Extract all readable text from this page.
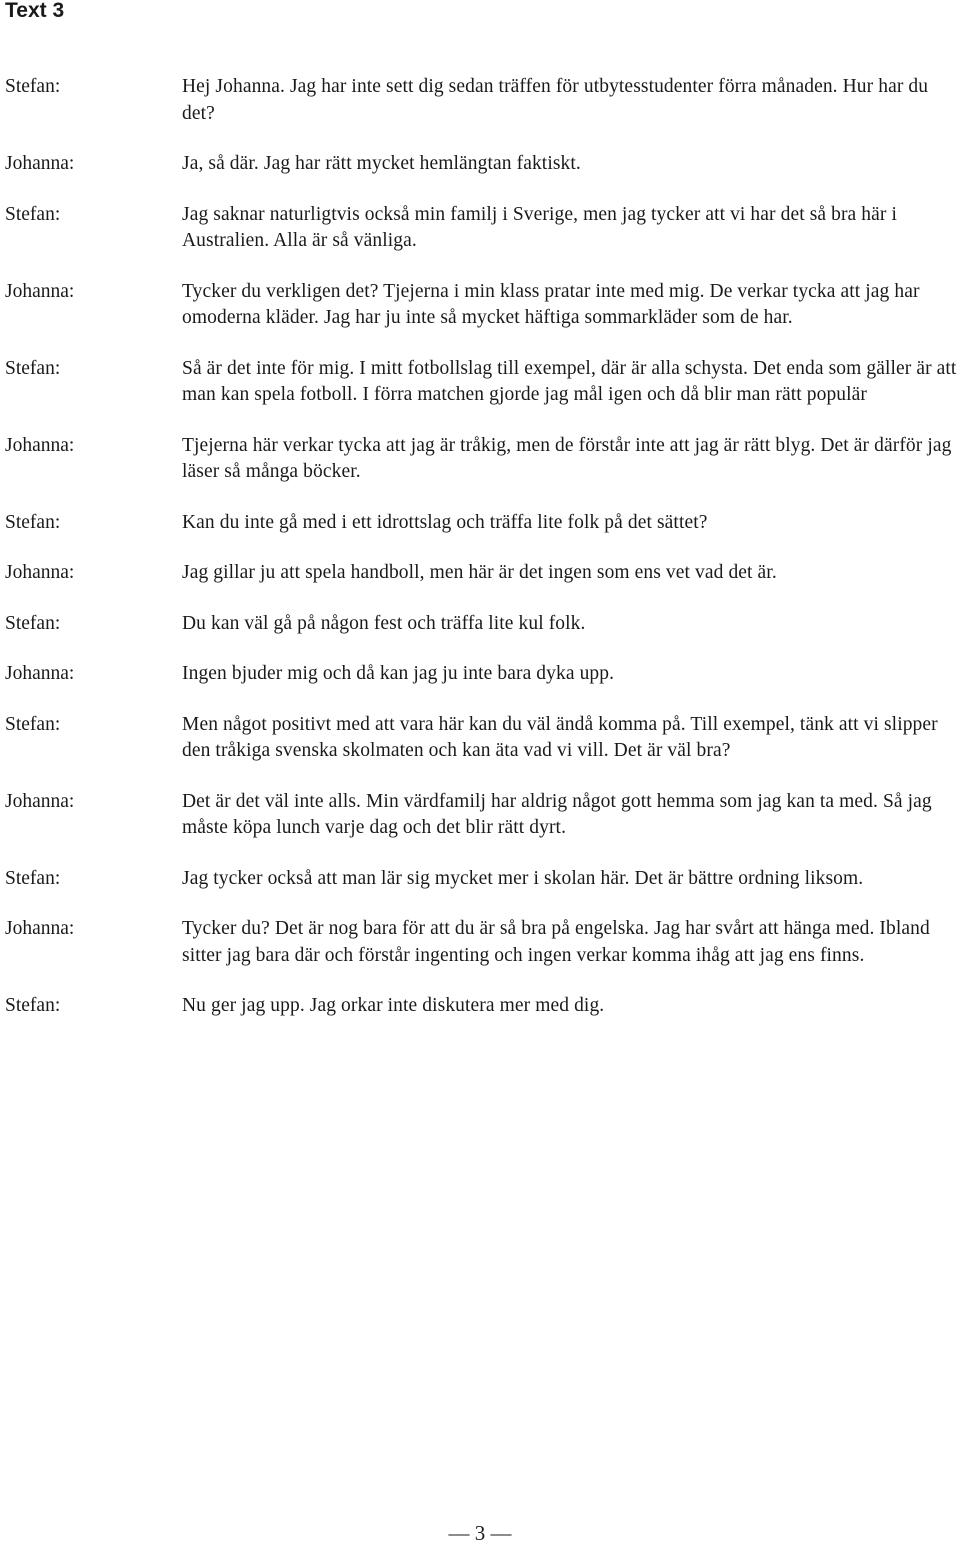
Text 3
Stefan:	Hej Johanna. Jag har inte sett dig sedan träffen för utbytesstudenter förra månaden. Hur har du det?
Johanna:	Ja, så där. Jag har rätt mycket hemlängtan faktiskt.
Stefan:	Jag saknar naturligtvis också min familj i Sverige, men jag tycker att vi har det så bra här i Australien. Alla är så vänliga.
Johanna:	Tycker du verkligen det? Tjejerna i min klass pratar inte med mig. De verkar tycka att jag har omoderna kläder. Jag har ju inte så mycket häftiga sommarkläder som de har.
Stefan:	Så är det inte för mig. I mitt fotbollslag till exempel, där är alla schysta. Det enda som gäller är att man kan spela fotboll. I förra matchen gjorde jag mål igen och då blir man rätt populär
Johanna:	Tjejerna här verkar tycka att jag är tråkig, men de förstår inte att jag är rätt blyg. Det är därför jag läser så många böcker.
Stefan:	Kan du inte gå med i ett idrottslag och träffa lite folk på det sättet?
Johanna:	Jag gillar ju att spela handboll, men här är det ingen som ens vet vad det är.
Stefan:	Du kan väl gå på någon fest och träffa lite kul folk.
Johanna:	Ingen bjuder mig och då kan jag ju inte bara dyka upp.
Stefan:	Men något positivt med att vara här kan du väl ändå komma på. Till exempel, tänk att vi slipper den tråkiga svenska skolmaten och kan äta vad vi vill. Det är väl bra?
Johanna:	Det är det väl inte alls. Min värdfamilj har aldrig något gott hemma som jag kan ta med. Så jag måste köpa lunch varje dag och det blir rätt dyrt.
Stefan:	Jag tycker också att man lär sig mycket mer i skolan här. Det är bättre ordning liksom.
Johanna:	Tycker du? Det är nog bara för att du är så bra på engelska. Jag har svårt att hänga med. Ibland sitter jag bara där och förstår ingenting och ingen verkar komma ihåg att jag ens finns.
Stefan:	Nu ger jag upp. Jag orkar inte diskutera mer med dig.
— 3 —
